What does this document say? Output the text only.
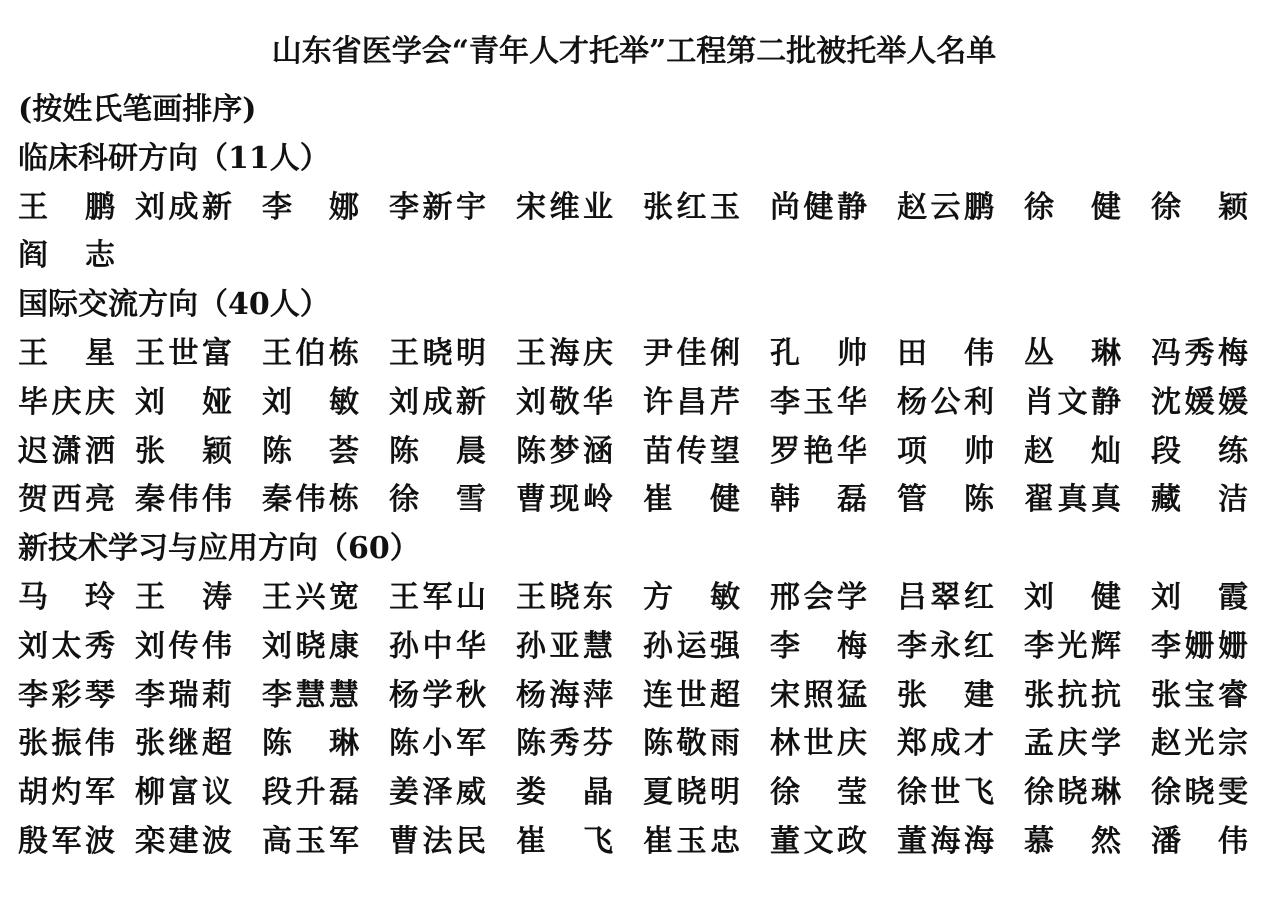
山东省医学会“青年人才托举”工程第二批被托举人名单
(按姓氏笔画排序)
临床科研方向（11人）
王 鹏 刘成新 李 娜 李新宇 宋维业 张红玉 尚健静 赵云鹏 徐 健 徐 颖
阎 志
国际交流方向（40人）
王 星 王世富 王伯栋 王晓明 王海庆 尹佳俐 孔 帅 田 伟 丛 琳 冯秀梅
毕庆庆 刘 娅 刘 敏 刘成新 刘敬华 许昌芹 李玉华 杨公利 肖文静 沈媛媛
迟潇洒 张 颖 陈 荟 陈 晨 陈梦涵 苗传望 罗艳华 项 帅 赵 灿 段 练
贺西亮 秦伟伟 秦伟栋 徐 雪 曹现岭 崔 健 韩 磊 管 陈 翟真真 藏 洁
新技术学习与应用方向（60）
马 玲 王 涛 王兴宽 王军山 王晓东 方 敏 邢会学 吕翠红 刘 健 刘 霞
刘太秀 刘传伟 刘晓康 孙中华 孙亚慧 孙运强 李 梅 李永红 李光辉 李姗姗
李彩琴 李瑞莉 李慧慧 杨学秋 杨海萍 连世超 宋照猛 张 建 张抗抗 张宝睿
张振伟 张继超 陈 琳 陈小军 陈秀芬 陈敬雨 林世庆 郑成才 孟庆学 赵光宗
胡灼军 柳富议 段升磊 姜泽威 娄 晶 夏晓明 徐 莹 徐世飞 徐晓琳 徐晓雯
殷军波 栾建波 高玉军 曹法民 崔 飞 崔玉忠 董文政 董海海 慕 然 潘 伟
